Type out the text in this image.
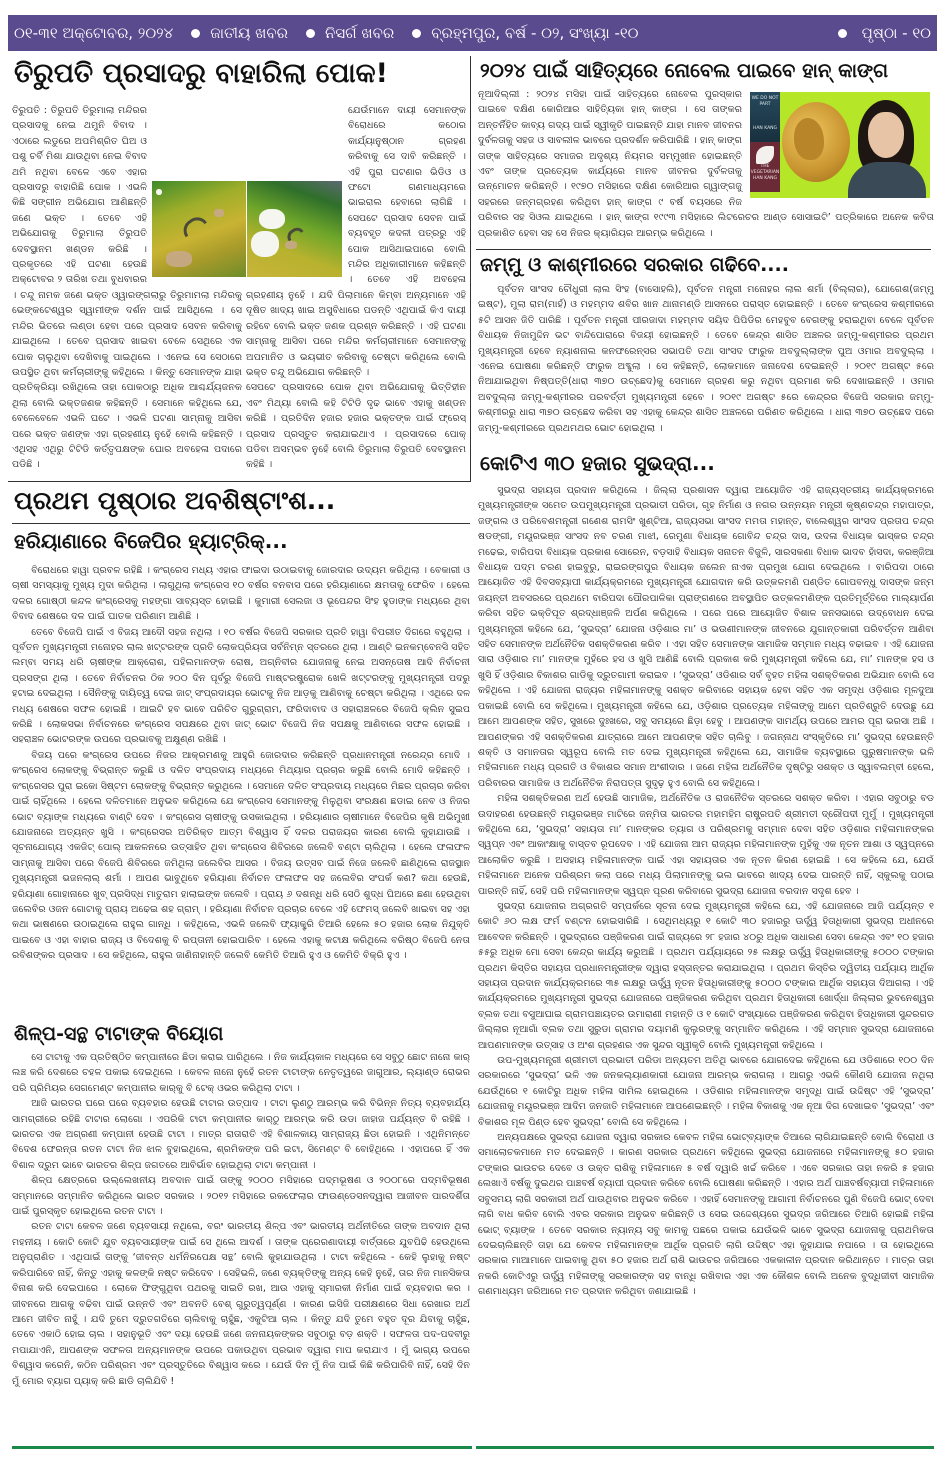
୦୧-୩୧ ଅକ୍ଟୋବର, ୨୦୨୪ ଜାତୀୟ ଖବର ନିସର୍ଗ ଖବର ବ୍ରହ୍ମପୁର, ବର୍ଷ - ୦୨, ସଂଖ୍ୟା -୧୦	ପୃଷ୍ଠା - ୧୦
ତିରୁପତି ପ୍ରସାଦରୁ ବାହାରିଲା ପୋକ!

ଯେଉଁମାନେ ଦାୟୀ ସେମାନଙ୍କ ବିରୋଧରେ କଠୋର କାର୍ଯ୍ୟାନୁଷ୍ଠାନ ଗ୍ରହଣ କରିବାକୁ ସେ ଦାବି କରିଛନ୍ତି । ଏହି ପୁରା ଘଟଣାର ଭିଡିଓ ଓ ଫଟୋ ଗଣମାଧ୍ୟମରେ ଭାଇରାଲ ହେବାରେ ଲାଗିଛି । ସେପଟେ ପ୍ରସାଦ ସେବନ ପାଇଁ ବ୍ୟବହୃତ କଦଳୀ ପତ୍ରରୁ ଏହି ପୋକ ଆସିଥାଇପାରେ ବୋଲି ମନ୍ଦିର ଅଧିକାରୀମାନେ କହିଛନ୍ତି । ତେବେ ଏହି ଅବହେଳା ଗ୍ରହଣୀୟ ନୁହେଁ । ଯଦି ପିଲାମାନେ କିମ୍ବା ଅନ୍ୟମାନେ ଏହି ଦୂଷିତ ଖାଦ୍ୟ ଖାଇ ଅସୁବିଧାରେ ପଡନ୍ତି ଏଥିପାଇଁ କିଏ ଦାୟୀ ରହିବେ ବୋଲି ଭକ୍ତ ଜଣକ ପ୍ରଶ୍ନ କରିଛନ୍ତି । ଏହି ଘଟଣା ସାମ୍ନାକୁ ଆସିବା ପରେ ମନ୍ଦିର କର୍ମଚାରୀମାନେ ସେମାନଙ୍କୁ ଅପମାନିତ ଓ ଭୟଭୀତ କରିବାକୁ ଚେଷ୍ଟା କରିଥିଲେ ବୋଲି ଭକ୍ତ ଚନ୍ଦୁ ଅଭିଯୋଗ କରିଛନ୍ତି ।

ସେପଟେ ପ୍ରସାଦରେ ପୋକ ଥିବା ଅଭିଯୋଗକୁ ଭିତ୍ତିହୀନ ଏବଂ ମିଥ୍ୟା ବୋଲି କହି ଟିଟିଡି ଦୃଢ ଭାବେ ଏହାକୁ ଖଣ୍ଡନ କରିଛି । ପ୍ରତିଦିନ ହଜାର ହଜାର ଭକ୍ତଙ୍କ ପାଇଁ ଫ୍ରେସ୍ ପ୍ରସାଦ ପ୍ରସ୍ତୁତ କରାଯାଇଥାଏ । ପ୍ରସାଦରେ ପୋକ୍ ପଡିବା ଅସମ୍ଭବ ନୁହେଁ ବୋଲି ତିରୁମାଲା ତିରୁପତି ଦେବସ୍ଥାନମ କହିଛି ।

ତିରୁପତି : ତିରୁପତି ତିରୁମାଲା ମନ୍ଦିରର ପ୍ରସାଦକୁ ନେଇ ଥମୁନି ବିବାଦ । ଏଠାରେ ଲଡୁରେ ଅପମିଶ୍ରିତ ଘିଅ ଓ ପଶୁ ଚର୍ବି ମିଶା ଯାଉଥିବା ନେଇ ବିବାଦ ଥମି ନଥିବା ବେଳେ ଏବେ ଏହାର ପ୍ରସାଦରୁ ବାହାରିଛି ପୋକ । ଏଭଳି କିଛି ସଙ୍ଗୀନ ଅଭିଯୋଗ ଆଣିଛନ୍ତି ଜଣେ ଭକ୍ତ । ତେବେ ଏହି ଅଭିଯୋଗକୁ ତିରୁମାଲା ତିରୁପତି ଦେବସ୍ଥାନମ ଖଣ୍ଡନ କରିଛି । ପ୍ରକୃତରେ ଏହି ଘଟଣା ହେଉଛି ଅକ୍ଟୋବର ୨ ତାରିଖ ତଥା ବୁଧବାରର । ଚନ୍ଦୁ ନାମକ ଜଣେ ଭକ୍ତ ଓ୍ୱାରଙ୍ଗଲାରୁ ତିରୁମାମଲା ମନ୍ଦିରକୁ ଭେଙ୍କଟେଶ୍ୱର ସ୍ୱାମୀଙ୍କ ଦର୍ଶନ ପାଇଁ ଆସିଥିଲେ । ସେ ମନ୍ଦିର ଭିତରେ ଲଣ୍ଡା ହେବା ପରେ ପ୍ରସାଦ ସେବନ କରିବାକୁ ଯାଇଥିଲେ । ତେବେ ପ୍ରସାଦ ଖାଇବା ବେଳେ ସେଥିରେ ଏକ ପୋକ ଚାଲୁଥିବା ଦେଖିବାକୁ ପାଇଥିଲେ । ଏନେଇ ସେ ସେଠାରେ ଉପସ୍ଥିତ ଥିବା କର୍ମଚାରୀଙ୍କୁ କହିଥିଲେ । କିନ୍ତୁ ସେମାନଙ୍କ ଯାହା ପ୍ରତିକ୍ରିୟା ରଖିଥିଲେ ତାହା ପୋକଠାରୁ ଅଧିକ ଆଶ୍ଚର୍ଯ୍ୟଜନକ ଥିଲା ବୋଲି ଭକ୍ତଜଣକ କହିଛନ୍ତି । ସେମାନେ କହିଥିଲେ ଯେ, ବେଳେବେଳେ ଏଭଳି ଘଟେ । ଏଭଳି ଘଟଣା ସାମ୍ନାକୁ ଆସିବା ପରେ ଭକ୍ତ ଜଣଙ୍କ ଏହା ଗ୍ରହଣୀୟ ନୁହେଁ ବୋଲି କହିଛନ୍ତି । ଏଥିସହ ଏଥିରୁ ଟିଟିଡି କର୍ତ୍ତୃପକ୍ଷଙ୍କ ଘୋର ଅବହେଳା ପଦାରେ ପଡିଛି ।

୨୦୨୪ ପାଇଁ ସାହିତ୍ୟରେ ନୋବେଲ ପାଇବେ ହାନ୍ କାଙ୍ଗ

ନୂଆଦିଲ୍ଲୀ : ୨୦୨୪ ମସିହା ପାଇଁ ସାହିତ୍ୟରେ ନୋବେଲ ପୁରସ୍କାର ପାଇବେ ଦକ୍ଷିଣ କୋରିଆର ସାହିତ୍ୟିକା ହାନ୍ କାଙ୍ଗ । ସେ ତାଙ୍କର ଅନ୍ତର୍ନିହିତ କାବ୍ୟ ଗଦ୍ୟ ପାଇଁ ସ୍ୱୀକୃତି ପାଇଛନ୍ତି ଯାହା ମାନବ ଜୀବନର ଦୁର୍ବଳତାକୁ ସହଜ ଓ ସାବଲୀଳ ଭାବରେ ପ୍ରଦର୍ଶନ କରିପାରିଛି । ହାନ୍ କାଙ୍ଗ ତାଙ୍କ ସାହିତ୍ୟରେ ସମାଜର ଅଦୃଶ୍ୟ ନିୟମର ସମ୍ମୁଖୀନ ହୋଇଛନ୍ତି ଏବଂ ତାଙ୍କ ପ୍ରତ୍ୟେକ କାର୍ଯ୍ୟରେ ମାନବ ଜୀବନର ଦୁର୍ବଳତାକୁ ଉନ୍ମୋଚନ କରିଛନ୍ତି । ୧୯୭୦ ମସିହାରେ ଦକ୍ଷିଣ କୋରିଆର ଗ୍ୱାଙ୍ଗଜୁ ସହରରେ ଜନ୍ମଗ୍ରହଣ କରିଥିବା ହାନ୍ କାଙ୍ଗ ୯ ବର୍ଷ ବୟସରେ ନିଜ ପରିବାର ସହ ସିଓଲ ଯାଇଥିଲେ । ହାନ୍ କାଙ୍ଗ ୧୯୯୩ ମସିହାରେ ଲିଟରେଚର ଆଣ୍ଡ ସୋସାଇଟି’ ପତ୍ରିକାରେ ଅନେକ କବିତା ପ୍ରକାଶିତ ହେବା ସହ ସେ ନିଜର କ୍ୟାରିୟର ଆରମ୍ଭ କରିଥିଲେ ।

WE DO NOT PART

HAN KANG
THE VEGETARIAN
HAN KANG
ଜମ୍ମୁ ଓ କାଶ୍ମୀରରେ ସରକାର ଗଢିବେ....

ପୂର୍ବତନ ସାଂସଦ ଚୌଧୁରୀ ଲାଲ ସିଂହ (ବାସୋହଲି), ପୂର୍ବତନ ମନ୍ତ୍ରୀ ମନୋହର ଲାଲ ଶର୍ମା (ବିଲ୍ଲାର), ଯୋଗେଶ(ଜମ୍ମୁ ଇଷ୍ଟ), ମୁଲା ରାମ(ମାର୍ହ) ଓ ମହମ୍ମଦ ଶବିର ଖାନ ଥାନାମଣ୍ଡି ଆସନରେ ପରାସ୍ତ ହୋଇଛନ୍ତି । ତେବେ କଂଗ୍ରେସ କଶ୍ମୀରରେ ୫ଟି ଆସନ ଜିତି ପାରିଛି । ପୂର୍ବତନ ମନ୍ତ୍ରୀ ପୀରଜାଦା ମହମ୍ମଦ ସୟିଦ ପିପିଡିର ମେହବୁବ ବେଗଙ୍କୁ ହରାଇଥିବା ବେଳେ ପୂର୍ବତନ ବିଧାୟକ ନିଜାମୁଦ୍ଦିନ ଭଟ ବାନ୍ଦିପୋରାରେ ବିଜୟୀ ହୋଇଛନ୍ତି । ତେବେ କେନ୍ଦ୍ର ଶାସିତ ଅଞ୍ଚଳର ଜମ୍ମୁ-କଶ୍ମୀରର ପ୍ରଥମ ମୁଖ୍ୟମନ୍ତ୍ରୀ ହେବେ ନ୍ୟାଶନାଲ କନଫରେନ୍ସର ସଭାପତି ତଥା ସାଂସଦ ଫାରୁକ ଅବଦୁଲ୍ଲାଙ୍କ ପୁଅ ଓମାର ଅବଦୁଲ୍ଲା । ଏନେଇ ଘୋଷଣା କରିଛନ୍ତି ଫାରୁକ ଅବ୍ଦୁଲା । ସେ କହିଛନ୍ତି, ଲୋକମାନେ ଜନାଦେଶ ଦେଇଛନ୍ତି । ୨୦୧୯ ଅଗଷ୍ଟ ୫ରେ ନିଆଯାଇଥିବା ନିଷ୍ପତ୍ତି(ଧାରା ୩୭୦ ଉଚ୍ଛେଦ)କୁ ସେମାନେ ଗ୍ରହଣ କରୁ ନଥିବା ପ୍ରମାଣ କରି ଦେଖାଇଛନ୍ତି । ଓମାର ଅବଦୁଲ୍ଲା ଜମ୍ମୁ-କଶ୍ମୀରର ପରବର୍ତ୍ତୀ ମୁଖ୍ୟମନ୍ତ୍ରୀ ହେବେ । ୨୦୧୯ ଅଗଷ୍ଟ ୫ରେ କେନ୍ଦ୍ରର ବିଜେପି ସରକାର ଜମ୍ମୁ-କଶ୍ମୀରରୁ ଧାରା ୩୭୦ ଉଚ୍ଛେଦ କରିବା ସହ ଏହାକୁ କେନ୍ଦ୍ର ଶାସିତ ଅଞ୍ଚଳରେ ପରିଣତ କରିଥିଲେ । ଧାରା ୩୭୦ ଉଚ୍ଛେଦ ପରେ ଜମ୍ମୁ-କଶ୍ମୀରରେ ପ୍ରଥମଥର ଭୋଟ ହୋଇଥିଲା ।

କୋଟିଏ ୩୦ ହଜାର ସୁଭଦ୍ରା...

ସୁଭଦ୍ରା ସହାୟତା ପ୍ରଦାନ କରିଥିଲେ । ଜିଲ୍ଲା ପ୍ରଶାସନ ଦ୍ୱାରା ଆୟୋଜିତ ଏହି ରାଜ୍ୟସ୍ତରୀୟ କାର୍ଯ୍ୟକ୍ରମରେ ମୁଖ୍ୟମନ୍ତ୍ରୀଙ୍କ ସମେତ ଉପମୁଖ୍ୟମନ୍ତ୍ରୀ ପ୍ରଭାତୀ ପରିଡା, ଗୃହ ନିର୍ମାଣ ଓ ନଗର ଉନ୍ନୟନ ମନ୍ତ୍ରୀ କୃଷ୍ଣଚନ୍ଦ୍ର ମହାପାତ୍ର, ଜଙ୍ଗଲ ଓ ପରିବେଶମନ୍ତ୍ରୀ ଗଣେଶ ରାମସିଂ ଖୁଣ୍ଟିଆ, ରାଜ୍ୟସଭା ସାଂସଦ ମମତା ମହାନ୍ତ, ବାଲେଶ୍ୱର ସାଂସଦ ପ୍ରତାପ ଚନ୍ଦ୍ର ଷଡଙ୍ଗୀ, ମୟୂରଭଞ୍ଜ ସାଂସଦ ନବ ଚରଣ ମାଝୀ, ରେମୁଣା ବିଧାୟକ ଗୋବିନ୍ଦ ଚନ୍ଦ୍ର ଦାସ, ଉଦଳା ବିଧାୟକ ଭାସ୍କର ଚନ୍ଦ୍ର ମଢେଇ, ବାରିପଦା ବିଧାୟକ ପ୍ରକାଶ ସୋରେନ, ବଡ଼ସାହି ବିଧାୟକ ସନାତନ ବିଜୁଳି, ସାରସକଣା ବିଧାକ ଭାଦବ ହାଁସଦା, କରଞ୍ଜିଆ ବିଧାୟକ ପଦ୍ମ ଚରଣ ହାଇବୁରୁ, ରାଇରଙ୍ଗପୁର ବିଧାୟକ ଜଲେନ ନାଏକ ପ୍ରମୁଖ ଯୋଗ ଦେଇଥିଲେ । ବାରିପଦା ଠାରେ ଆୟୋଜିତ ଏହି ଦିବସବ୍ୟାପୀ କାର୍ଯ୍ୟକ୍ରମରେ ମୁଖ୍ୟମନ୍ତ୍ରୀ ଯୋଗଦାନ କରି ଉତ୍କଳମଣି ପଣ୍ଡିତ ଗୋପବନ୍ଧୁ ଦାସଙ୍କ ଜନ୍ମ ଜୟନ୍ତୀ ଅବସରରେ ପ୍ରଥମେ ବାରିପଦା ପୌରପାଳିକା ପ୍ରାଙ୍ଗଣରେ ଅବସ୍ଥାପିତ ଉତ୍କଳମଣିଙ୍କ ପ୍ରତିମୂର୍ତ୍ତିରେ ମାଲ୍ୟାର୍ପଣ କରିବା ସହିତ ଭକ୍ତିପୂତ ଶ୍ରଦ୍ଧାଞ୍ଜଳି ଅର୍ପଣ କରିଥିଲେ । ପରେ ପରେ ଆୟୋଜିତ ବିଶାଳ ଜନସଭାରେ ଉଦ୍‌ବୋଧନ ଦେଇ ମୁଖ୍ୟମନ୍ତ୍ରୀ କହିଲେ ଯେ, ‘ସୁଭଦ୍ରା’ ଯୋଜନା ଓଡ଼ିଶାର ମା’ ଓ ଭଉଣୀମାନଙ୍କ ଜୀବନରେ ଯୁଗାନ୍ତକାରୀ ପରିବର୍ତ୍ତନ ଆଣିବା ସହିତ ସେମାନଙ୍କ ଅର୍ଥନୈତିକ ସଶକ୍ତିକରଣ କରିବ । ଏହା ସହିତ ସେମାନଙ୍କ ସାମାଜିକ ସମ୍ମାନ ମଧ୍ୟ ବଢାଇବ । ଏହି ଯୋଜନା ସାରା ଓଡ଼ିଶାର ମା’ ମାନଙ୍କ ମୁହଁରେ ହସ ଓ ଖୁସି ଆଣିଛି ବୋଲି ପ୍ରକାଶ କରି ମୁଖ୍ୟମନ୍ତ୍ରୀ କହିଲେ ଯେ, ମା’ ମାନଙ୍କ ହସ ଓ ଖୁସି ହିଁ ଓଡ଼ିଶାର ବିକାଶର ଗାଡିକୁ ଦ୍ରୁତଗାମୀ କରାଇବ । ‘ସୁଭଦ୍ରା’ ଓଡିଶାର ସର୍ବ ବୃହତ ମହିଳା ସଶକ୍ତିକରଣ ଅଭିଯାନ ବୋଲି ସେ କହିଥିଲେ । ଏହି ଯୋଜନା ରାଜ୍ୟର ମହିଳାମାନଙ୍କୁ ସଶକ୍ତ କରିବାରେ ସହାୟକ ହେବା ସହିତ ଏକ ସମୃଦ୍ଧ ଓଡ଼ିଶାର ମୂଳଦୁଆ ପକାଇଛି ବୋଲି ସେ କହିଥିଲେ। ମୁଖ୍ୟମନ୍ତ୍ରୀ କହିଲେ ଯେ, ଓଡ଼ିଶାର ପ୍ରତ୍ୟେକ ମହିଳାଙ୍କୁ ଆମେ ପ୍ରତିଶ୍ରୁତି ଦେଉଛୁ ଯେ ଆମେ ଆପଣଙ୍କ ସହିତ, ସୁଖରେ ଦୁଃଖରେ, ସବୁ ସମୟରେ ଛିଡ଼ା ହେବୁ । ଆପଣଙ୍କ ସାମର୍ଥ୍ୟ ଉପରେ ଆମର ପୂରା ଭରସା ଅଛି । ଆପଣଙ୍କର ଏହି ସଶକ୍ତିକରଣ ଯାତ୍ରାରେ ଆମେ ଆପଣଙ୍କ ସହିତ ଚାଲିବୁ । ଜଗନ୍ନାଥ ସଂସ୍କୃତିରେ ମା’ ସୁଭଦ୍ରା ହେଉଛନ୍ତି ଶକ୍ତି ଓ ସମାନତାର ସ୍ୱରୂପ ବୋଲି ମତ ଦେଇ ମୁଖ୍ୟମନ୍ତ୍ରୀ କହିଥିଲେ ଯେ, ସାମାଜିକ ବ୍ୟବସ୍ଥାରେ ପୁରୁଷମାନଙ୍କ ଭଳି ମହିଳାମାନେ ମଧ୍ୟ ପ୍ରଗତି ଓ ବିକାଶର ସମାନ ଅଂଶୀଦାର । ଜଣେ ମହିଳା ଅର୍ଥନୈତିକ ଦୃଷ୍ଟିରୁ ସଶକ୍ତ ଓ ସ୍ୱାବଲମ୍ବୀ ହେଲେ, ପରିବାରର ସାମାଜିକ ଓ ଅର୍ଥନୈତିକ ନିରାପତ୍ତା ସୁଦୃଢ଼ ହୁଏ ବୋଲି ସେ କହିଥିଲେ।

ମହିଳା ସଶକ୍ତିକରଣ ଅର୍ଥ ହେଉଛି ସାମାଜିକ, ଅର୍ଥନୈତିକ ଓ ରାଜନୈତିକ ସ୍ତରରେ ସଶକ୍ତ କରିବା । ଏହାର ସବୁଠାରୁ ବଡ ଉଦାହରଣ ହେଉଛନ୍ତି ମୟୂରଭଞ୍ଜ ମାଟିରେ ଜନ୍ମିତା ଭାରତର ମହାମହିମ ରାଷ୍ଟ୍ରପତି ଶ୍ରୀମତୀ ଦ୍ରୌପଦୀ ମୁର୍ମୁ । ମୁଖ୍ୟମନ୍ତ୍ରୀ କହିଥିଲେ ଯେ, ‘ସୁଭଦ୍ରା’ ସହାୟତା ମା’ ମାନଙ୍କର ତ୍ୟାଗ ଓ ପରିଶ୍ରମକୁ ସମ୍ମାନ ଦେବା ସହିତ ଓଡ଼ିଶାର ମହିଳାମାନଙ୍କର ସ୍ୱପ୍ନ ଏବଂ ଆକାଂକ୍ଷାକୁ ବାସ୍ତବ ରୂପଦେବ । ଏହି ଯୋଜନା ଆମ ରାଜ୍ୟର ମହିଳାମାନଙ୍କ ମୁହଁକୁ ଏକ ନୂତନ ଆଶା ଓ ସ୍ୱପ୍ନରେ ଆଲୋକିତ କରୁଛି । ଅସହାୟ ମହିଳାମାନଙ୍କ ପାଇଁ ଏହା ସହାୟତାର ଏକ ନୂତନ କିରଣ ହୋଇଛି । ସେ କହିଲେ ଯେ, ଯେଉଁ ମହିଳାମାନେ ଅନେକ ପରିଶ୍ରମ କଲା ପରେ ମଧ୍ୟ ପିଲାମାନଙ୍କୁ ଭଲ ଭାବରେ ଖାଦ୍ୟ ଦେଇ ପାରନ୍ତି ନାହିଁ, ସ୍କୁଲକୁ ପଠାଇ ପାରନ୍ତି ନାହିଁ, ସେହି ପରି ମହିଳାମାନଙ୍କ ସ୍ୱପ୍ନ ପୂରଣ କରିବାରେ ସୁଭଦ୍ରା ଯୋଜନା ବରଦାନ ସଦୃଶ ହେବ ।

ସୁଭଦ୍ରା ଯୋଜନାର ଅଗ୍ରଗତି ସମ୍ପର୍କରେ ସୂଚନା ଦେଇ ମୁଖ୍ୟମନ୍ତ୍ରୀ କହିଲେ ଯେ, ଏହି ଯୋଜନାରେ ଆଜି ପର୍ଯ୍ୟନ୍ତ ୧ କୋଟି ୬୦ ଲକ୍ଷ ଫର୍ମ ବଣ୍ଟନ ହୋଇସାରିଛି । ସେଥିମଧ୍ୟରୁ ୧ କୋଟି ୩୦ ହଜାରରୁ ଊର୍ଦ୍ଧ୍ୱ ହିତାଧିକାରୀ ସୁଭଦ୍ରା ଅଧୀନରେ ଆବେଦନ କରିଛନ୍ତି । ସୁଭଦ୍ରାରେ ପଞ୍ଜିକରଣ ପାଇଁ ରାଜ୍ୟରେ ୨୮ ହଜାର ୪୦ରୁ ଅଧିକ ସାଧାରଣ ସେବା କେନ୍ଦ୍ର ଏବଂ ୧୦ ହଜାର ୫୫ରୁ ଅଧିକ ମୋ ସେବା କେନ୍ଦ୍ର କାର୍ଯ୍ୟ କରୁଅଛି । ପ୍ରଥମ ପର୍ଯ୍ୟାୟରେ ୨୫ ଲକ୍ଷରୁ ଊର୍ଦ୍ଧ୍ୱ ହିତାଧିକାରୀଙ୍କୁ ୫୦୦୦ ଟଙ୍କାର ପ୍ରଥମ କିସ୍ତିର ସହାୟତା ପ୍ରଧାନମନ୍ତ୍ରୀଙ୍କ ଦ୍ୱାରା ହସ୍ତାନ୍ତର କରାଯାଇଥିଲା । ପ୍ରଥମ କିସ୍ତିର ଦ୍ୱିତୀୟ ପର୍ଯ୍ୟାୟ ଆର୍ଥିକ ସହାୟତା ପ୍ରଦାନ କାର୍ଯ୍ୟକ୍ରମରେ ୩୫ ଲକ୍ଷରୁ ଊର୍ଦ୍ଧ୍ୱ ନୂତନ ହିତାଧିକାରୀଙ୍କୁ ୫୦୦୦ ଟଙ୍କାର ଆର୍ଥିକ ସହାୟତା ଦିଆଗଲା । ଏହି କାର୍ଯ୍ୟକ୍ରମରେ ମୁଖ୍ୟମନ୍ତ୍ରୀ ସୁଭଦ୍ରା ଯୋଜନାରେ ପଞ୍ଜିକରଣ କରିଥିବା ପ୍ରଥମ ହିତାଧିକାରୀ ଖୋର୍ଦ୍ଧା ଜିଲ୍ଲାର ଭୁବନେଶ୍ୱର ବ୍ଲକ ତଥା ବସୁଆଘାଇ ଗ୍ରାମପଞ୍ଚାୟତର ଉମାରାଣୀ ମହାନ୍ତି ଓ ୧ କୋଟି ସଂଖ୍ୟାରେ ପଞ୍ଜିକରଣ କରିଥିବା ହିତାଧିକାରୀ ସୁନ୍ଦରଗଡ ଜିଲ୍ଲାର ନୂଆଗାଁ ବ୍ଲକ ତଥା ସୁରୁଡା ଗ୍ରାମର ଦୟାମଣି କୁଲୁରଙ୍କୁ ସମ୍ମାନିତ କରିଥିଲେ । ଏହି ସମ୍ମାନ ସୁଭଦ୍ରା ଯୋଜନାରେ ଆପଣମାନଙ୍କ ଉତ୍ସାହ ଓ ଅଂଶ ଗ୍ରହଣର ଏକ ସୁନ୍ଦର ସ୍ୱୀକୃତି ବୋଲି ମୁଖ୍ୟମନ୍ତ୍ରୀ କହିଥିଲେ ।

ଉପ-ମୁଖ୍ୟମନ୍ତ୍ରୀ ଶ୍ରୀମତୀ ପ୍ରଭାତୀ ପରିଡା ଅନ୍ୟତମ ଅତିଥି ଭାବରେ ଯୋଗଦେଇ କହିଥିଲେ ଯେ ଓଡିଶାରେ ୧୦୦ ଦିନ ସରକାରରେ ‘ସୁଭଦ୍ରା’ ଭଳି ଏକ ଜନକଲ୍ୟାଣକାରୀ ଯୋଜନା ଆରମ୍ଭ କରାଗଲା । ଆଗରୁ ଏଭଳି କୌଣସି ଯୋଜନା ନଥିଲା ଯେଉଁଥିରେ ୧ କୋଟିରୁ ଅଧିକ ମହିଳା ସାମିଲ ହୋଇଥିଲେ । ଓଡିଶାର ମହିଳାମାନଙ୍କ ସମୃଦ୍ଧି ପାଇଁ ଉଦ୍ଦିଷ୍ଟ ଏହି ‘ସୁଭଦ୍ରା’ ଯୋଜନାକୁ ମୟୂରଭଞ୍ଜ ଆଦିମ ଜନଜାତି ମହିଳାମାନେ ଆପଣେଇଛନ୍ତି । ମହିଳା ବିକାଶକୁ ଏକ ନୂଆ ଦିଗ ଦେଖାଇବ ‘ସୁଭଦ୍ରା’ ଏବଂ ବିକାଶର ମୂଳ ପିଣ୍ଡ ହେବ ସୁଭଦ୍ରା’ ବୋଲି ସେ କହିଥିଲେ ।

ଅନ୍ୟପକ୍ଷରେ ସୁଭଦ୍ରା ଯୋଜନା ଦ୍ୱାରା ସରକାର କେବଳ ମହିଳା ଭୋଟ୍‌ବ୍ୟାଙ୍କ ତିଆରେ ଲାଗିଯାଇଛନ୍ତି ବୋଲି ବିରୋଧୀ ଓ ସମାଲୋଚକମାନେ ମତ ଦେଇଛନ୍ତି । କାରଣ ସରକାର ପ୍ରଥମେ କହିଥିଲେ ସୁଭଦ୍ରା ଯୋଜନାରେ ମହିଳାମାନଙ୍କୁ ୫୦ ହଜାର ଟଙ୍କାର ଭାଉଚର ଦେବେ ଓ ଉକ୍ତ ରାଶିକୁ ମହିଳାମାନେ ୫ ବର୍ଷ ଦ୍ୱାରି ଖର୍ଚ୍ଚ କରିବେ । ଏବେ ସରକାର ତାହା ନକରି ୫ ହଜାର ଲେଖାଏଁ ବର୍ଷକୁ ଦୁଇଥର ପାଞ୍ଚବର୍ଷ ବ୍ୟାପୀ ପ୍ରଦାନ କରିବେ ବୋଲି ଘୋଷଣା କରିଛନ୍ତି । ଏହାର ଅର୍ଥ ପାଞ୍ଚବର୍ଷବ୍ୟାପୀ ମହିଳାମାନେ ସବୁସମୟ ଲାଗି ସରକାରୀ ଅର୍ଥ ପାଉଥିବାର ଅନୁଭବ କରିବେ । ଏହାହିଁ ସେମାନଙ୍କୁ ଆଗାମୀ ନିର୍ବାଚନରେ ପୁଣି ବିଜେପି ଭୋଟ୍ ଦେବା ଲାଗି ବାଧ କରିବ ବୋଲି ଏବର ସରକାର ଅନୁଭବ କରିଛନ୍ତି ଓ ସେଇ ଉଦ୍ଦେଶ୍ୟରେ ସୁଭଦ୍ର ଜରିଆରେ ତିଆରି ହୋଇଛି ମହିଳା ଭୋଟ୍ ବ୍ୟାଙ୍କ । ତେବେ ସରକାର ନ୍ୟାନ୍ୟ ସବୁ କାମକୁ ପଛରେ ପକାଇ ଯେଉଁଭଳି ଭାବେ ସୁଭଦ୍ରା ଯୋଜନାକୁ ପ୍ରାଥମିକତା ଦେଇଚାଲିଛନ୍ତି ତାହା ଯେ କେବଳ ମହିଳାମାନଙ୍କ ଆର୍ଥିକ ପ୍ରଗତି ଲାଗି ଉଦ୍ଦିଷ୍ଟ ଏହା କୁହାଯାଇ ନପାରେ । ତା ହୋଇଥିଲେ ସରକାର ମାଆମାନେ ପାଇବାକୁ ଥିବା ୫୦ ହଜାର ଅର୍ଥ ରାଶି ଭାଉଚର ଜରିଆରେ ଏକକାଳୀନ ପ୍ରଦାନ କରିଥାନ୍ତେ । ମାତ୍ର ତାହା ନକରି କୋଟିଏରୁ ଊର୍ଦ୍ଧ୍ୱ ମହିଳାଙ୍କୁ ସରକାରଙ୍କ ସହ ବାନ୍ଧି ରଖିବାର ଏହା ଏକ କୌଶଳ ବୋଲି ଅନେକ ବୁଦ୍ଧିଜୀବୀ ସାମାଜିକ ଗଣମାଧ୍ୟମ ଜରିଆରେ ମତ ପ୍ରଦାନ କରିଥିବା ଜଣାଯାଇଛି ।

ପ୍ରଥମ ପୃଷ୍ଠାର ଅବଶିଷ୍ଟାଂଶ...
ହରିୟାଣାରେ ବିଜେପିର ହ୍ୟାଟ୍ରିକ୍...

ବିରୋଧରେ ହାୱା ପ୍ରବଳ ରହିଛି । କଂଗ୍ରେସ ମଧ୍ୟ ଏହାର ଫାଇଦା ଉଠାଇବାକୁ ଜୋରଦାର ଉଦ୍ୟମ କରିଥିଲା । ବେକାରୀ ଓ ଚାଷୀ ସମସ୍ୟାକୁ ମୁଖ୍ୟ ମୁଦା କରିଥିଲା । ଲାଗୁଥିଲା କଂଗ୍ରେସ ୧୦ ବର୍ଷର ବନବାସ ପରେ ହରିୟାଣାରେ କ୍ଷମତାକୁ ଫେରିବ । ହେଲେ ଦଳର ଗୋଷ୍ଠୀ କନ୍ଦଳ କଂଗ୍ରେସକୁ ମହଙ୍ଗା ସାବ୍ୟସ୍ତ ହୋଇଛି । କୁମାରୀ ସେଲଜା ଓ ଭୂପେନ୍ଦର ସିଂହ ହୁଡାଙ୍କ ମଧ୍ୟରେ ଥିବା ବିବାଦ ଶେଷରେ ଦଳ ପାଇଁ ଘାତକ ପରିଣାମ ଆଣିଛି ।

ତେବେ ବିଜେପି ପାଇଁ ଏ ବିଜୟ ଆଦୌ ସହଜ ନଥିଲା । ୧୦ ବର୍ଷର ବିଜେପି ସରକାର ପ୍ରତି ହାୱା ବିପରୀତ ଦିଗରେ ବହୁଥିଲା । ପୂର୍ବତନ ମୁଖ୍ୟମନ୍ତ୍ରୀ ମନୋହର ଲାଲ ଖଟ୍ଟରଙ୍କ ପ୍ରତି ଲୋକପ୍ରିୟତା ସର୍ବନିମ୍ନ ସ୍ତରରେ ଥିଲା । ଆଣ୍ଟି ଇନକମ୍ବେନସି ସହିତ ଲମ୍ବା ସମୟ ଧରି ଚାଷୀଙ୍କ ଆକ୍ରୋଶ, ପହିଲମାନଙ୍କ ରୋଷ, ଅଗ୍ନିବୀର ଯୋଜନାକୁ ନେଇ ଅସନ୍ତୋଷ ଆଦି ନିର୍ବାଚନୀ ପ୍ରସଙ୍ଗ ଥିଲା । ତେବେ ନିର୍ବାଚନର ଠିକ ୨୦୦ ଦିନ ପୂର୍ବରୁ ବିଜେପି ମାଷ୍ଟରଷ୍ଟ୍ରୋକ ଖେଳି ଖଟ୍ଟରଙ୍କୁ ମୁଖ୍ୟମନ୍ତ୍ରୀ ପଦରୁ ହଟାଇ ଦେଇଥିଲା । ସୈନିଙ୍କୁ ଦାୟିତ୍ୱ ଦେଇ ଜାଟ୍ ସଂପ୍ରଦାୟର ଭୋଟକୁ ନିଜ ଆଡ଼କୁ ଆଣିବାକୁ ଚେଷ୍ଟା କରିଥିଲା । ଏଥିରେ ଦଳ ମଧ୍ୟ ଶେଷରେ ସଫଳ ହୋଇଛି । ଆଇଟି ହବ ଭାବେ ପରିଚିତ ଗୁରୁଗ୍ରାମ, ଫରିଦାବାଦ ଓ ସହାରାଞ୍ଚଳରେ ବିଜେପି କ୍ଲିନ ସୁଇପ କରିଛି । ଲୋକସଭା ନିର୍ବାଚନରେ କଂଗ୍ରେସ ସପକ୍ଷରେ ଥିବା ଜାଟ୍ ଭୋଟ ବିଜେପି ନିଜ ସପକ୍ଷକୁ ଆଣିବାରେ ସଫଳ ହୋଇଛି । ସହରାଞ୍ଚଳ ଭୋଟରଙ୍କ ଉପରେ ପ୍ରଭାବକୁ ଅକ୍ଷୁଣ୍ଣ ରଖିଛି ।

ବିଜୟ ପରେ କଂଗ୍ରେସ ଉପରେ ନିଜର ଆକ୍ରମଣକୁ ଆହୁରି ଜୋରଦାର କରିଛନ୍ତି ପ୍ରଧାନମନ୍ତ୍ରୀ ନରେନ୍ଦ୍ର ମୋଦି । କଂଗ୍ରେସ ଲୋକଙ୍କୁ ବିଭ୍ରାନ୍ତ କରୁଛି ଓ ଦଳିତ ସଂପ୍ରଦାୟ ମଧ୍ୟରେ ମିଥ୍ୟାର ପ୍ରଚାର କରୁଛି ବୋଲି ମୋଦି କହିଛନ୍ତି । କଂଗ୍ରେସର ପୁରା ଇକୋ ସିଷ୍ଟମ ଲୋକଙ୍କୁ ବିଭ୍ରାନ୍ତ କରୁଥିଲେ । ସେମାନେ ଦଳିତ ସଂପ୍ରଦାୟ ମଧ୍ୟରେ ମିଛର ପ୍ରଚାର କରିବା ପାଇଁ ଚାହିଁଥିଲେ । ହେଲେ ଦଳିତମାନେ ଅନୁଭବ କରିଥିଲେ ଯେ କଂଗ୍ରେସ ସେମାନଙ୍କୁ ମିଳୁଥିବା ସଂରକ୍ଷଣ ଛଡାଇ ନେବ ଓ ନିଜର ଭୋଟ ବ୍ୟାଙ୍କ ମଧ୍ୟରେ ବାଣ୍ଟି ଦେବ । କଂଗ୍ରେସ ଚାଷୀଙ୍କୁ ଉସକାଇଥିଲା । ହରିୟାଣାର ଚାଷୀମାନେ ବିଜେପିର କୃଷି ଅଭିମୁଖୀ ଯୋଜନାରେ ଅତ୍ୟନ୍ତ ଖୁସି । କଂଗ୍ରେସର ଅତିରିକ୍ତ ଆତ୍ମ ବିଶ୍ୱାସ ହିଁ ଦଳର ପରାଜୟର କାରଣ ବୋଲି କୁହାଯାଉଛି । ସୂଚନାଯୋଗ୍ୟ ଏକଜିଟ୍ ପୋଲ୍ ଆକଳନରେ ଉତ୍ସାହିତ ଥିବା କଂଗ୍ରେସ ଶିବିରରେ ଜଲେବି ବଣ୍ଟା ଚାଲିଥିଲା । ହେଲେ ଫଳାଫଳ ସାମ୍ନାକୁ ଆସିବା ପରେ ବିଜେପି ଶିବିରରେ ଜମିଥିଲା ଜଲେବିର ଆସର । ବିଜୟ ଉତ୍ସବ ପାଇଁ ନିଜେ ଜଲେବି ଛାଣିଥିଲେ ରାଜସ୍ଥାନ ମୁଖ୍ୟମନ୍ତ୍ରୀ ଭଜନଲାଲ୍ ଶର୍ମା । ଆପଣ ଭାବୁଥିବେ ହରିୟାଣା ନିର୍ବାଚନ ଫଳାଫଳ ସହ ଜଲେବିର ସଂପର୍କ କଣ? କଥା ହେଉଛି, ହରିୟାଣା ଗୋହାନାରେ ଖୁବ୍ ପ୍ରସିଦ୍ଧ ମାତୁରାମ ହାଲାଇଙ୍କ ଜଲେବି । ପ୍ରାୟ ୬ ଦଶନ୍ଧି ଧରି ସେଠି ଶୁଦ୍ଧ ଘିଅରେ ଛଣା ହେଉଥିବା ଜଲେବିର ଓଜନ ଗୋଟାକୁ ପ୍ରାୟ ଅଢେଇ ଶହ ଗ୍ରାମ୍ । ହରିୟାଣା ନିର୍ବାଚନ ପ୍ରଚାର ବେଳେ ଏହି ଫେମସ୍ ଜଲେବି ଖାଇବା ସହ ଏହା କଥା ଭାଷଣରେ ଉଠାଇଥିଲେ ରାହୁଲ ଗାନ୍ଧି । କହିଥିଲେ, ଏଭଳି ଜଲେବି ଫ୍ୟାକ୍ଟ୍ରି ତିଆରି ହେଲେ ୫୦ ହଜାର ଲୋକ ନିଯୁକ୍ତି ପାଇବେ ଓ ଏହା ବାହାର ରାଜ୍ୟ ଓ ବିଦେଶକୁ ବି ରପ୍ତାନୀ ହୋଇପାରିବ । ହେଲେ ଏହାକୁ କଟାକ୍ଷ କରିଥିଲେ ବରିଷ୍ଠ ବିଜେପି ନେତା ରବିଶଙ୍କର ପ୍ରସାଦ । ସେ କହିଥିଲେ, ରାହୁଲ ଜାଣିନାହାନ୍ତି ଜଲେବି କେମିତି ତିଆରି ହୁଏ ଓ କେମିତି ବିକ୍ରି ହୁଏ ।

ଶିଳ୍ପ-ସନ୍ଥ ଟାଟାଙ୍କ ବିୟୋଗ

ସେ ଟାଟାକୁ ଏକ ପ୍ରତିଷ୍ଠିତ କମ୍ପାନୀରେ ଛିଡା କରାଇ ପାରିଥିଲେ । ନିଜ କାର୍ଯ୍ୟକାଳ ମଧ୍ୟରେ ସେ ସବୁଠୁ ଛୋଟ ନାନୋ କାର୍ ଲଞ୍ଚ କରି ଦେଶରେ ଚହଳ ପକାଇ ଦେଇଥିଲେ । କେବଳ ନାନୋ ନୁହେଁ ରତନ ଟାଟାଙ୍କ ନେତୃତ୍ୱରେ ଜାଗୁଆର, ଲ୍ୟାଣ୍ଡ ରୋଭର ପରି ପ୍ରିମିୟର ସେଗମେଣ୍ଟ କମ୍ପାନୀର କାର୍‌କୁ ବି ଟେକ୍ ଓଭର କରିଥିଲା ଟାଟା ।

ଆଜି ଭାରତର ଘରେ ଘରେ ବ୍ୟବହାର ହେଉଛି ଟାଟାର ଉତ୍ପାଦ । ଟାଟା ଲୁଣଠୁ ଆରମ୍ଭ କରି ବିଭିନ୍ନ ନିତ୍ୟ ବ୍ୟବହାର୍ଯ୍ୟ ସାମଗ୍ରୀରେ ରହିଛି ଟାଟାର ଲୋଗୋ । ଏପରିକି ଟାଟା କମ୍ପାନୀର କାର୍‌ଠୁ ଆରମ୍ଭ କରି ଉଡା ଜାହାଜ ପର୍ଯ୍ୟନ୍ତ ବି ରହିଛି । ଭାରତର ଏକ ଅଗ୍ରଣୀ କମ୍ପାନୀ ହେଉଛି ଟାଟା । ମାତ୍ର ରାତାରାତି ଏହି ବିଶାଳକାୟ ସାମ୍ରାଜ୍ୟ ଛିଡା ହୋଇନି । ଏଥିନିମନ୍ତେ ବିଦେଶ ଫେରନ୍ତା ରତନ ଟାଟା ନିଜ ଝାଳ ବୁହାଇଥିଲେ, ଶ୍ରମିକଙ୍କ ପରି ଇଟା, ସିମେଣ୍ଟ ବି ବୋହିଥିଲେ । ଏହାପରେ ହିଁ ଏକ ବିଶାଳ ଦ୍ରୁମ ଭାବେ ଭାରତର ଶିଳ୍ପ ଜଗତରେ ଆବିର୍ଭାବ ହୋଇଥିଲା ଟାଟା କମ୍ପାନୀ ।

ଶିଳ୍ପ କ୍ଷେତ୍ରରେ ଉଲ୍ଲେଖନୀୟ ଅବଦାନ ପାଇଁ ତାଙ୍କୁ ୨୦୦୦ ମସିହାରେ ପଦ୍ମଭୂଷଣ ଓ ୨୦୦୮ରେ ପଦ୍ମବିଭୂଷଣ ସମ୍ମାନରେ ସମ୍ମାନିତ କରିଥିଲେ ଭାରତ ସରକାର । ୨୦୧୨ ମସିହାରେ ରକଫେଲାର ଫାଉଣ୍ଡେସନଦ୍ୱାରା ଆଜୀବନ ପାରଦର୍ଶିତା ପାଇଁ ପୁରସ୍କୃତ ହୋଇଥିଲେ ରତନ ଟାଟା ।

ରତନ ଟାଟା କେବଳ ଜଣେ ବ୍ୟବସାୟୀ ନଥିଲେ, ବରଂ ଭାରତୀୟ ଶିଳ୍ପ ଏବଂ ଭାରତୀୟ ଅର୍ଥନୀତିରେ ତାଙ୍କ ଅବଦାନ ଥିଲା ମହନୀୟ । କୋଟି କୋଟି ଯୁବ ବ୍ୟବସାୟୀଙ୍କ ପାଇଁ ସେ ଥିଲେ ଆଦର୍ଶ । ତାଙ୍କ ପ୍ରେରଣାଦାୟୀ ବାର୍ତ୍ତାରେ ଯୁବପିଢି ହେଉଥିଲେ ଅନୁପ୍ରାଣିତ । ଏଥିପାଇଁ ତାଙ୍କୁ ‘ଜୀବନ୍ତ ଧର୍ମନିରପେକ୍ଷ ସନ୍ଥ’ ବୋଲି କୁହାଯାଉଥିଲା । ଟାଟା କହିଥିଲେ - କେହି ଲୁହାକୁ ନଷ୍ଟ କରିପାରିବେ ନାହିଁ, କିନ୍ତୁ ଏହାକୁ କଳଙ୍କି ନଷ୍ଟ କରିଦେବ । ସେହିଭଳି, ଜଣେ ବ୍ୟକ୍ତିଙ୍କୁ ଅନ୍ୟ କେହି ନୁହେଁ, ତାର ନିଜ ମାନସିକତା ବିନାଶ କରି ଦେଇପାରେ । ଲୋକେ ଫିଙ୍ଗୁଥିବା ପଥରକୁ ସାଇତି ରଖ, ଆଉ ଏହାକୁ ସ୍ମାରକୀ ନିର୍ମାଣ ପାଇଁ ବ୍ୟବହାର କର । ଜୀବନରେ ଆଗକୁ ବଢିବା ପାଇଁ ଉନ୍ନତି ଏବଂ ଅବନତି ବେଶ୍ ଗୁରୁତ୍ୱପୂର୍ଣ୍ଣ । କାରଣ ଇସିଜି ପରୀକ୍ଷଣରେ ସିଧା ରେଖାର ଅର୍ଥ ଆମେ ଜୀବିତ ନାହୁଁ । ଯଦି ତୁମେ ଦ୍ରୁତଗତିରେ ଚାଲିବାକୁ ଚାହୁଁଛ, ଏକୁଟିଆ ଚାଲ । କିନ୍ତୁ ଯଦି ତୁମେ ବହୁତ ଦୂର ଯିବାକୁ ଚାହୁଁଛ, ତେବେ ଏକାଠି ହୋଇ ଚାଲ । ସହାନୁଭୂତି ଏବଂ ଦୟା ହେଉଛି ଜଣେ ଜନନାୟକଙ୍କର ସବୁଠାରୁ ବଡ଼ ଶକ୍ତି । ସଫଳତା ପଦ-ପଦବୀରୁ ମପାଯାଏନି, ଆପଣଙ୍କ ସଫଳତା ଅନ୍ୟମାନଙ୍କ ଉପରେ ପକାଉଥିବା ପ୍ରଭାବ ଦ୍ୱାରା ମାପ କରାଯାଏ । ମୁଁ ଭାଗ୍ୟ ଉପରେ ବିଶ୍ୱାସ କରେନି, କଠିନ ପରିଶ୍ରମ ଏବଂ ପ୍ରସ୍ତୁତିରେ ବିଶ୍ୱାସ କରେ । ଯେଉଁ ଦିନ ମୁଁ ନିଜ ପାଇଁ କିଛି କରିପାରିବି ନାହିଁ, ସେହି ଦିନ ମୁଁ ମୋର ବ୍ୟାଗ ପ୍ୟାକ୍ କରି ଛାଡି ଚାଲିଯିବି !
